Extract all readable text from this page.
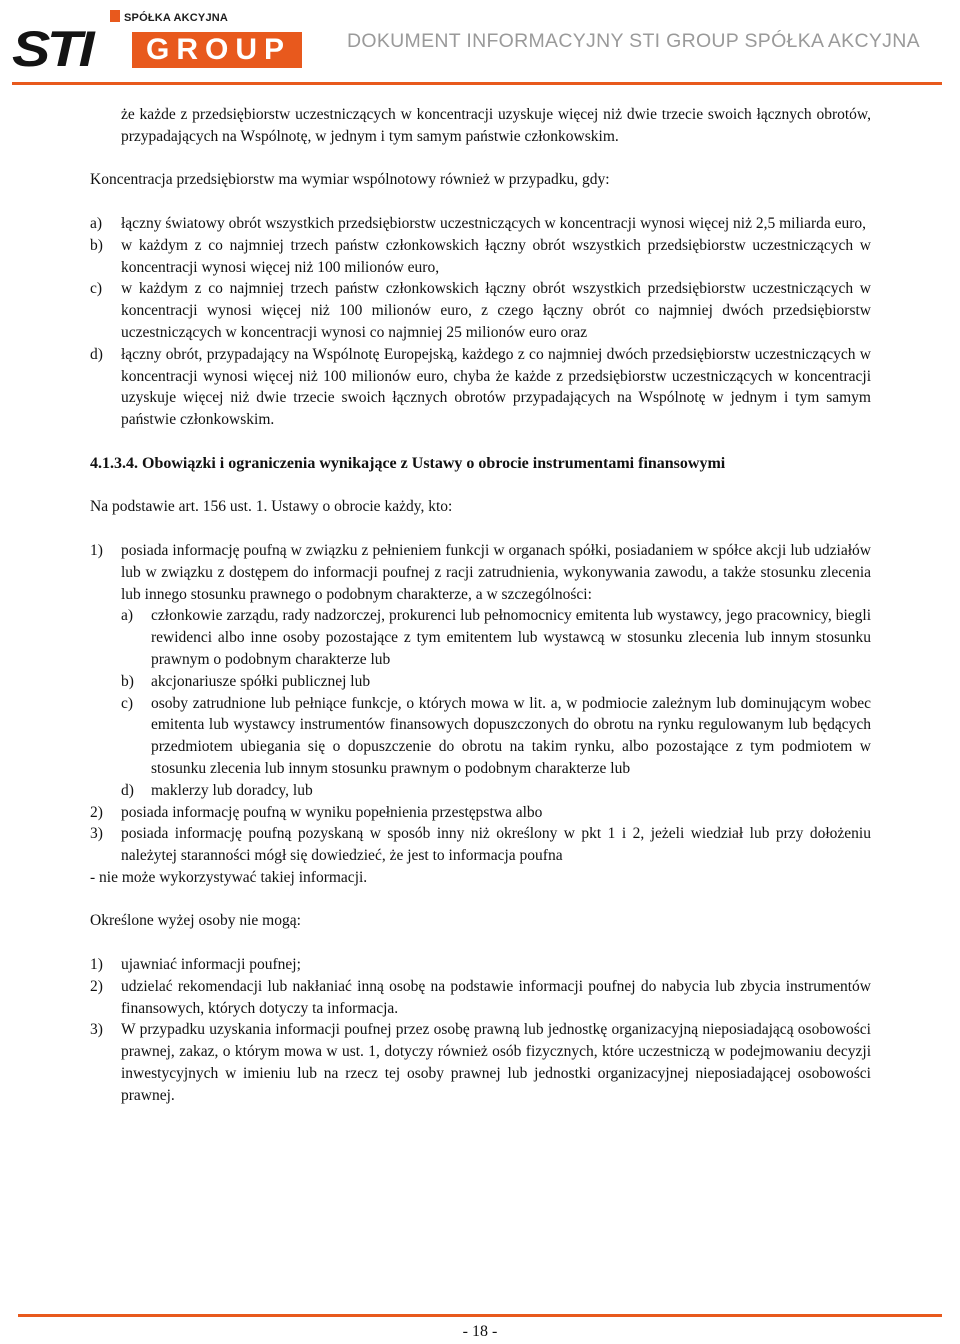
SPÓŁKA AKCYJNA
STI	GROUP	DOKUMENT INFORMACYJNY STI GROUP SPÓŁKA AKCYJNA
że każde z przedsiębiorstw uczestniczących w koncentracji uzyskuje więcej niż dwie trzecie swoich łącznych obrotów, przypadających na Wspólnotę, w jednym i tym samym państwie członkowskim.
Koncentracja przedsiębiorstw ma wymiar wspólnotowy również w przypadku, gdy:
a) łączny światowy obrót wszystkich przedsiębiorstw uczestniczących w koncentracji wynosi więcej niż 2,5 miliarda euro,
b) w każdym z co najmniej trzech państw członkowskich łączny obrót wszystkich przedsiębiorstw uczestniczących w koncentracji wynosi więcej niż 100 milionów euro,
c) w każdym z co najmniej trzech państw członkowskich łączny obrót wszystkich przedsiębiorstw uczestniczących w koncentracji wynosi więcej niż 100 milionów euro, z czego łączny obrót co najmniej dwóch przedsiębiorstw uczestniczących w koncentracji wynosi co najmniej 25 milionów euro oraz
d) łączny obrót, przypadający na Wspólnotę Europejską, każdego z co najmniej dwóch przedsiębiorstw uczestniczących w koncentracji wynosi więcej niż 100 milionów euro, chyba że każde z przedsiębiorstw uczestniczących w koncentracji uzyskuje więcej niż dwie trzecie swoich łącznych obrotów przypadających na Wspólnotę w jednym i tym samym państwie członkowskim.
4.1.3.4. Obowiązki i ograniczenia wynikające z Ustawy o obrocie instrumentami finansowymi
Na podstawie art. 156 ust. 1. Ustawy o obrocie każdy, kto:
1) posiada informację poufną w związku z pełnieniem funkcji w organach spółki, posiadaniem w spółce akcji lub udziałów lub w związku z dostępem do informacji poufnej z racji zatrudnienia, wykonywania zawodu, a także stosunku zlecenia lub innego stosunku prawnego o podobnym charakterze, a w szczególności:
a) członkowie zarządu, rady nadzorczej, prokurenci lub pełnomocnicy emitenta lub wystawcy, jego pracownicy, biegli rewidenci albo inne osoby pozostające z tym emitentem lub wystawcą w stosunku zlecenia lub innym stosunku prawnym o podobnym charakterze lub
b) akcjonariusze spółki publicznej lub
c) osoby zatrudnione lub pełniące funkcje, o których mowa w lit. a, w podmiocie zależnym lub dominującym wobec emitenta lub wystawcy instrumentów finansowych dopuszczonych do obrotu na rynku regulowanym lub będących przedmiotem ubiegania się o dopuszczenie do obrotu na takim rynku, albo pozostające z tym podmiotem w stosunku zlecenia lub innym stosunku prawnym o podobnym charakterze lub
d) maklerzy lub doradcy, lub
2) posiada informację poufną w wyniku popełnienia przestępstwa albo
3) posiada informację poufną pozyskaną w sposób inny niż określony w pkt 1 i 2, jeżeli wiedział lub przy dołożeniu należytej staranności mógł się dowiedzieć, że jest to informacja poufna
- nie może wykorzystywać takiej informacji.
Określone wyżej osoby nie mogą:
1) ujawniać informacji poufnej;
2) udzielać rekomendacji lub nakłaniać inną osobę na podstawie informacji poufnej do nabycia lub zbycia instrumentów finansowych, których dotyczy ta informacja.
3) W przypadku uzyskania informacji poufnej przez osobę prawną lub jednostkę organizacyjną nieposiadającą osobowości prawnej, zakaz, o którym mowa w ust. 1, dotyczy również osób fizycznych, które uczestniczą w podejmowaniu decyzji inwestycyjnych w imieniu lub na rzecz tej osoby prawnej lub jednostki organizacyjnej nieposiadającej osobowości prawnej.
- 18 -
